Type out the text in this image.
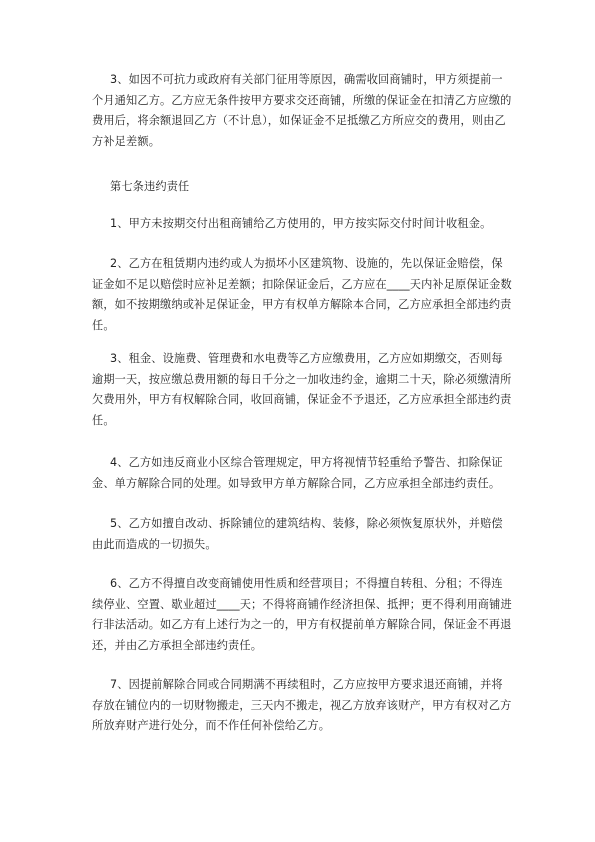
3、如因不可抗力或政府有关部门征用等原因，确需收回商铺时，甲方须提前一
个月通知乙方。乙方应无条件按甲方要求交还商铺，所缴的保证金在扣清乙方应缴的
费用后，将余额退回乙方（不计息），如保证金不足抵缴乙方所应交的费用，则由乙
方补足差额。
第七条违约责任
1、甲方未按期交付出租商铺给乙方使用的，甲方按实际交付时间计收租金。
2、乙方在租赁期内违约或人为损坏小区建筑物、设施的，先以保证金赔偿，保
证金如不足以赔偿时应补足差额；扣除保证金后，乙方应在____天内补足原保证金数
额，如不按期缴纳或补足保证金，甲方有权单方解除本合同，乙方应承担全部违约责
任。
3、租金、设施费、管理费和水电费等乙方应缴费用，乙方应如期缴交，否则每
逾期一天，按应缴总费用额的每日千分之一加收违约金，逾期二十天，除必须缴清所
欠费用外，甲方有权解除合同，收回商铺，保证金不予退还，乙方应承担全部违约责
任。
4、乙方如违反商业小区综合管理规定，甲方将视情节轻重给予警告、扣除保证
金、单方解除合同的处理。如导致甲方单方解除合同，乙方应承担全部违约责任。
5、乙方如擅自改动、拆除铺位的建筑结构、装修，除必须恢复原状外，并赔偿
由此而造成的一切损失。
6、乙方不得擅自改变商铺使用性质和经营项目；不得擅自转租、分租；不得连
续停业、空置、歇业超过____天；不得将商铺作经济担保、抵押；更不得利用商铺进
行非法活动。如乙方有上述行为之一的，甲方有权提前单方解除合同，保证金不再退
还，并由乙方承担全部违约责任。
7、因提前解除合同或合同期满不再续租时，乙方应按甲方要求退还商铺，并将
存放在铺位内的一切财物搬走，三天内不搬走，视乙方放弃该财产，甲方有权对乙方
所放弃财产进行处分，而不作任何补偿给乙方。
